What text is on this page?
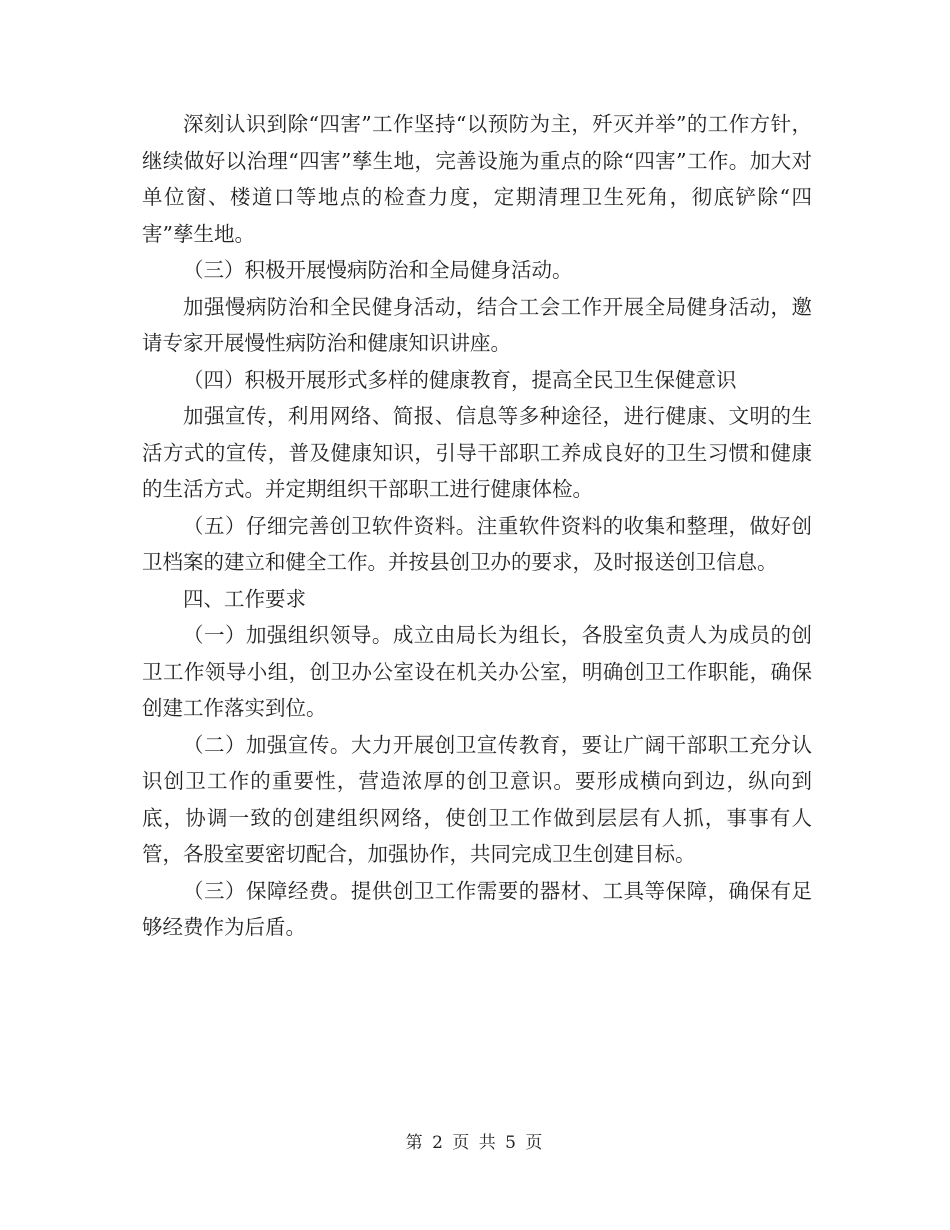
深刻认识到除“四害”工作坚持“以预防为主，歼灭并举”的工作方针，继续做好以治理“四害”孳生地，完善设施为重点的除“四害”工作。加大对单位窗、楼道口等地点的检查力度，定期清理卫生死角，彻底铲除“四害”孳生地。

（三）积极开展慢病防治和全局健身活动。

加强慢病防治和全民健身活动，结合工会工作开展全局健身活动，邀请专家开展慢性病防治和健康知识讲座。

（四）积极开展形式多样的健康教育，提高全民卫生保健意识

加强宣传，利用网络、简报、信息等多种途径，进行健康、文明的生活方式的宣传，普及健康知识，引导干部职工养成良好的卫生习惯和健康的生活方式。并定期组织干部职工进行健康体检。

（五）仔细完善创卫软件资料。注重软件资料的收集和整理，做好创卫档案的建立和健全工作。并按县创卫办的要求，及时报送创卫信息。

四、工作要求

（一）加强组织领导。成立由局长为组长，各股室负责人为成员的创卫工作领导小组，创卫办公室设在机关办公室，明确创卫工作职能，确保创建工作落实到位。

（二）加强宣传。大力开展创卫宣传教育，要让广阔干部职工充分认识创卫工作的重要性，营造浓厚的创卫意识。要形成横向到边，纵向到底，协调一致的创建组织网络，使创卫工作做到层层有人抓，事事有人管，各股室要密切配合，加强协作，共同完成卫生创建目标。

（三）保障经费。提供创卫工作需要的器材、工具等保障，确保有足够经费作为后盾。

第 2 页 共 5 页
